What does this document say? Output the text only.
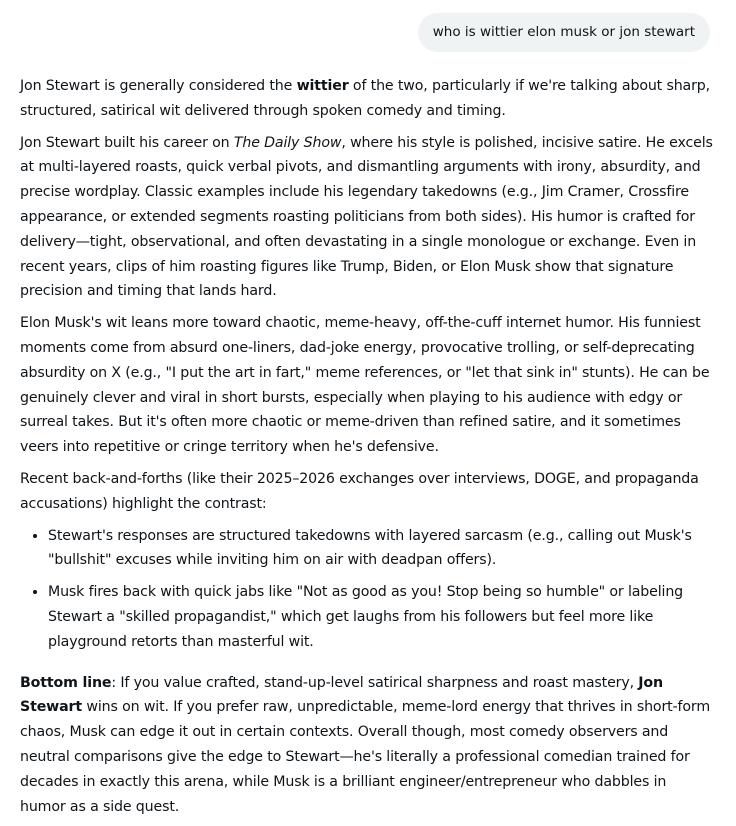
who is wittier elon musk or jon stewart

Jon Stewart is generally considered the wittier of the two, particularly if we're talking about sharp, structured, satirical wit delivered through spoken comedy and timing.

Jon Stewart built his career on The Daily Show, where his style is polished, incisive satire. He excels at multi-layered roasts, quick verbal pivots, and dismantling arguments with irony, absurdity, and precise wordplay. Classic examples include his legendary takedowns (e.g., Jim Cramer, Crossfire appearance, or extended segments roasting politicians from both sides). His humor is crafted for delivery—tight, observational, and often devastating in a single monologue or exchange. Even in recent years, clips of him roasting figures like Trump, Biden, or Elon Musk show that signature precision and timing that lands hard.

Elon Musk's wit leans more toward chaotic, meme-heavy, off-the-cuff internet humor. His funniest moments come from absurd one-liners, dad-joke energy, provocative trolling, or self-deprecating absurdity on X (e.g., "I put the art in fart," meme references, or "let that sink in" stunts). He can be genuinely clever and viral in short bursts, especially when playing to his audience with edgy or surreal takes. But it's often more chaotic or meme-driven than refined satire, and it sometimes veers into repetitive or cringe territory when he's defensive.

Recent back-and-forths (like their 2025–2026 exchanges over interviews, DOGE, and propaganda accusations) highlight the contrast:

• Stewart's responses are structured takedowns with layered sarcasm (e.g., calling out Musk's "bullshit" excuses while inviting him on air with deadpan offers).
• Musk fires back with quick jabs like "Not as good as you! Stop being so humble" or labeling Stewart a "skilled propagandist," which get laughs from his followers but feel more like playground retorts than masterful wit.

Bottom line: If you value crafted, stand-up-level satirical sharpness and roast mastery, Jon Stewart wins on wit. If you prefer raw, unpredictable, meme-lord energy that thrives in short-form chaos, Musk can edge it out in certain contexts. Overall though, most comedy observers and neutral comparisons give the edge to Stewart—he's literally a professional comedian trained for decades in exactly this arena, while Musk is a brilliant engineer/entrepreneur who dabbles in humor as a side quest.
